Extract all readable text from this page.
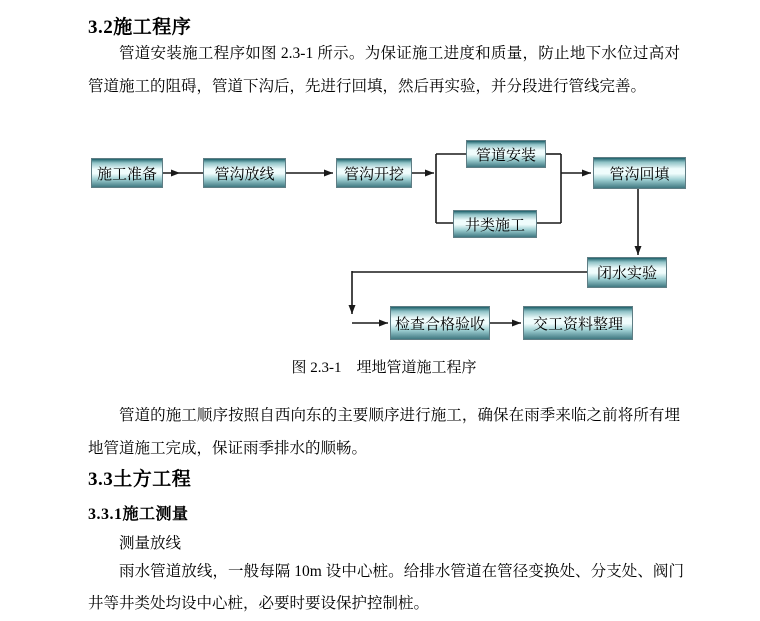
3.2施工程序

管道安装施工程序如图 2.3-1 所示。为保证施工进度和质量，防止地下水位过高对管道施工的阻碍，管道下沟后，先进行回填，然后再实验，并分段进行管线完善。

施工准备	管沟放线	管沟开挖
管道安装
井类施工
管沟回填
闭水实验
检查合格验收	交工资料整理
图 2.3-1　埋地管道施工程序

管道的施工顺序按照自西向东的主要顺序进行施工，确保在雨季来临之前将所有埋地管道施工完成，保证雨季排水的顺畅。

3.3土方工程
3.3.1施工测量

测量放线

雨水管道放线，一般每隔 10m 设中心桩。给排水管道在管径变换处、分支处、阀门井等井类处均设中心桩，必要时要设保护控制桩。
